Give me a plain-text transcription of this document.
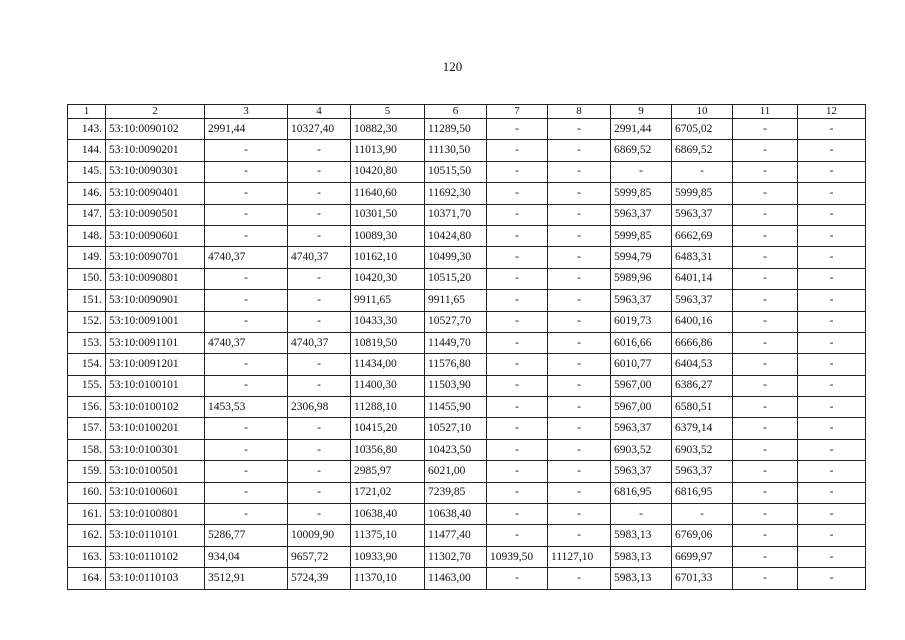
120
1	2	3	4	5	6	7	8	9	10	11	12
143.	53:10:0090102	2991,44	10327,40	10882,30	11289,50	-	-	2991,44	6705,02	-	-
144.	53:10:0090201	-	-	11013,90	11130,50	-	-	6869,52	6869,52	-	-
145.	53:10:0090301	-	-	10420,80	10515,50	-	-	-	-	-	-
146.	53:10:0090401	-	-	11640,60	11692,30	-	-	5999,85	5999,85	-	-
147.	53:10:0090501	-	-	10301,50	10371,70	-	-	5963,37	5963,37	-	-
148.	53:10:0090601	-	-	10089,30	10424,80	-	-	5999,85	6662,69	-	-
149.	53:10:0090701	4740,37	4740,37	10162,10	10499,30	-	-	5994,79	6483,31	-	-
150.	53:10:0090801	-	-	10420,30	10515,20	-	-	5989,96	6401,14	-	-
151.	53:10:0090901	-	-	9911,65	9911,65	-	-	5963,37	5963,37	-	-
152.	53:10:0091001	-	-	10433,30	10527,70	-	-	6019,73	6400,16	-	-
153.	53:10:0091101	4740,37	4740,37	10819,50	11449,70	-	-	6016,66	6666,86	-	-
154.	53:10:0091201	-	-	11434,00	11576,80	-	-	6010,77	6404,53	-	-
155.	53:10:0100101	-	-	11400,30	11503,90	-	-	5967,00	6386,27	-	-
156.	53:10:0100102	1453,53	2306,98	11288,10	11455,90	-	-	5967,00	6580,51	-	-
157.	53:10:0100201	-	-	10415,20	10527,10	-	-	5963,37	6379,14	-	-
158.	53:10:0100301	-	-	10356,80	10423,50	-	-	6903,52	6903,52	-	-
159.	53:10:0100501	-	-	2985,97	6021,00	-	-	5963,37	5963,37	-	-
160.	53:10:0100601	-	-	1721,02	7239,85	-	-	6816,95	6816,95	-	-
161.	53:10:0100801	-	-	10638,40	10638,40	-	-	-	-	-	-
162.	53:10:0110101	5286,77	10009,90	11375,10	11477,40	-	-	5983,13	6769,06	-	-
163.	53:10:0110102	934,04	9657,72	10933,90	11302,70	10939,50	11127,10	5983,13	6699,97	-	-
164.	53:10:0110103	3512,91	5724,39	11370,10	11463,00	-	-	5983,13	6701,33	-	-
